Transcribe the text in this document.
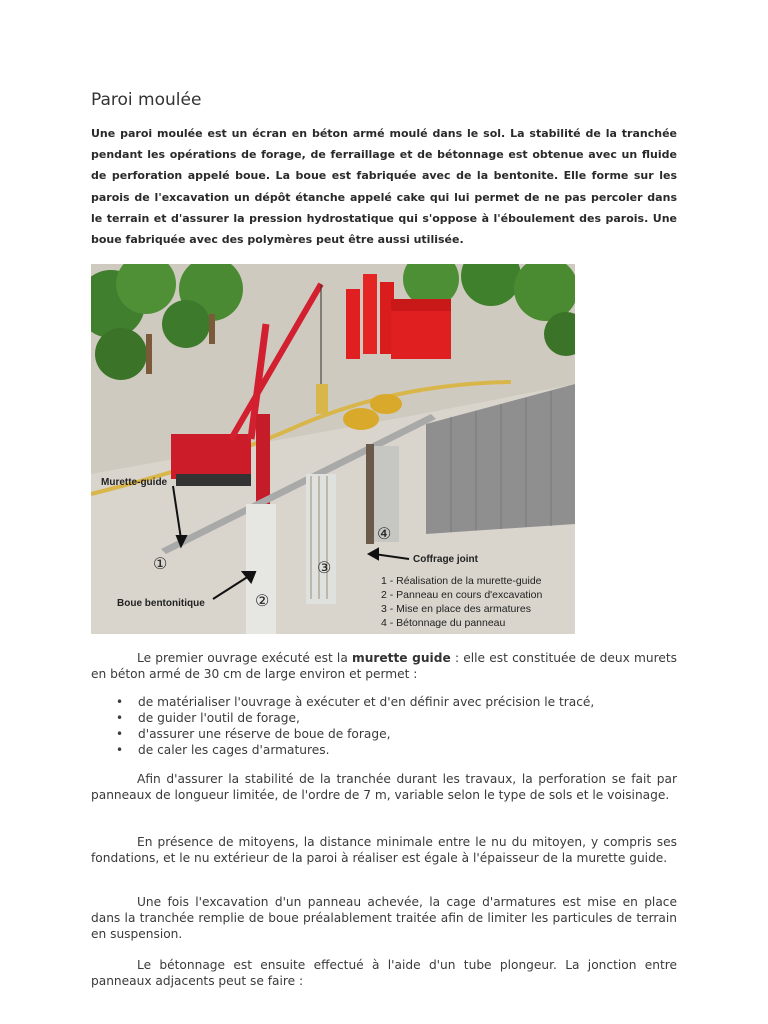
Paroi moulée

Une paroi moulée est un écran en béton armé moulé dans le sol. La stabilité de la tranchée pendant les opérations de forage, de ferraillage et de bétonnage est obtenue avec un fluide de perforation appelé boue. La boue est fabriquée avec de la bentonite. Elle forme sur les parois de l'excavation un dépôt étanche appelé cake qui lui permet de ne pas percoler dans le terrain et d'assurer la pression hydrostatique qui s'oppose à l'éboulement des parois. Une boue fabriquée avec des polymères peut être aussi utilisée.

Murette-guide
Boue bentonitique
Coffrage joint
①
②
③
④
1 - Réalisation de la murette-guide
2 - Panneau en cours d'excavation
3 - Mise en place des armatures
4 - Bétonnage du panneau

Le premier ouvrage exécuté est la murette guide : elle est constituée de deux murets en béton armé de 30 cm de large environ et permet :

• de matérialiser l'ouvrage à exécuter et d'en définir avec précision le tracé,
• de guider l'outil de forage,
• d'assurer une réserve de boue de forage,
• de caler les cages d'armatures.

Afin d'assurer la stabilité de la tranchée durant les travaux, la perforation se fait par panneaux de longueur limitée, de l'ordre de 7 m, variable selon le type de sols et le voisinage.

En présence de mitoyens, la distance minimale entre le nu du mitoyen, y compris ses fondations, et le nu extérieur de la paroi à réaliser est égale à l'épaisseur de la murette guide.

Une fois l'excavation d'un panneau achevée, la cage d'armatures est mise en place dans la tranchée remplie de boue préalablement traitée afin de limiter les particules de terrain en suspension.

Le bétonnage est ensuite effectué à l'aide d'un tube plongeur. La jonction entre panneaux adjacents peut se faire :
